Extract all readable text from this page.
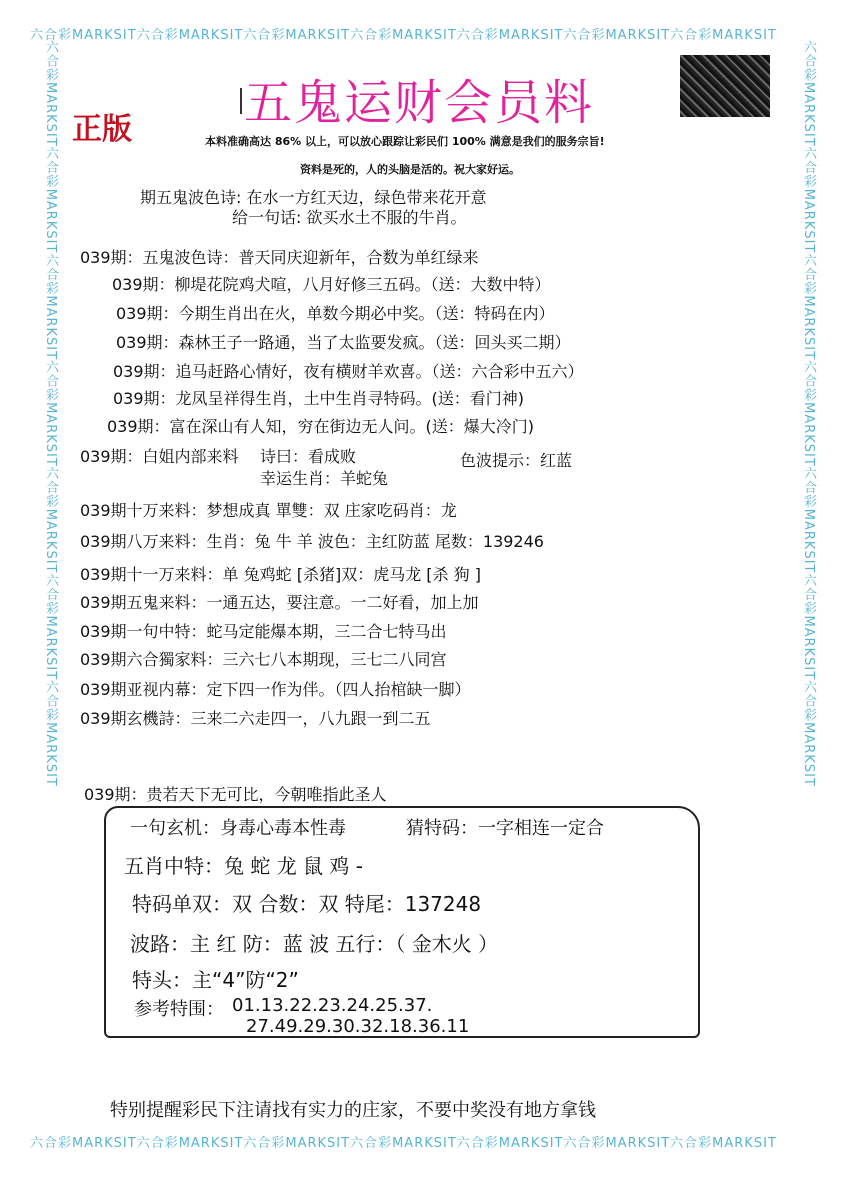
六合彩MARKSIT六合彩MARKSIT六合彩MARKSIT六合彩MARKSIT六合彩MARKSIT六合彩MARKSIT六合彩MARKSIT
六合彩MARKSIT六合彩MARKSIT六合彩MARKSIT六合彩MARKSIT六合彩MARKSIT六合彩MARKSIT六合彩MARKSIT
六合彩MARKSIT六合彩MARKSIT六合彩MARKSIT六合彩MARKSIT六合彩MARKSIT六合彩MARKSIT六合彩MARKSIT	六合彩MARKSIT六合彩MARKSIT六合彩MARKSIT六合彩MARKSIT六合彩MARKSIT六合彩MARKSIT六合彩MARKSIT
正版 五鬼运财会员料
本料准确高达 86% 以上，可以放心跟踪让彩民们 100% 满意是我们的服务宗旨!
资料是死的，人的头脑是活的。祝大家好运。
期五鬼波色诗: 在水一方红天边，绿色带来花开意
给一句话: 欲买水土不服的牛肖。
039期：五鬼波色诗：普天同庆迎新年，合数为单红绿来
039期：柳堤花院鸡犬喧，八月好修三五码。（送：大数中特）
039期：今期生肖出在火，单数今期必中奖。（送：特码在内）
039期：森林王子一路通，当了太监要发疯。（送：回头买二期）
039期：追马赶路心情好，夜有横财羊欢喜。（送：六合彩中五六）
039期：龙凤呈祥得生肖，土中生肖寻特码。(送：看门神)
039期：富在深山有人知，穷在街边无人问。(送：爆大冷门)
039期：白姐内部来料 诗曰：看成败
幸运生肖：羊蛇兔
色波提示：红蓝
039期十万来料：梦想成真 單雙：双 庄家吃码肖：龙
039期八万来料：生肖：兔 牛 羊 波色：主红防蓝 尾数：139246
039期十一万来料：单 兔鸡蛇 [杀猪]双：虎马龙 [杀 狗 ]
039期五鬼来料：一通五达，要注意。一二好看，加上加
039期一句中特：蛇马定能爆本期，三二合七特马出
039期六合獨家料：三六七八本期现，三七二八同宫
039期亚视内幕：定下四一作为伴。（四人抬棺缺一脚）
039期玄機詩：三来二六走四一，八九跟一到二五
039期：贵若天下无可比，今朝唯指此圣人
一句玄机：身毒心毒本性毒	猜特码：一字相连一定合
五肖中特：兔 蛇 龙 鼠 鸡 -
特码单双：双 合数：双 特尾：137248
波路：主 红 防：蓝 波 五行：（ 金木火 ）
特头：主“4”防“2”
参考特围： 01.13.22.23.24.25.37.
27.49.29.30.32.18.36.11
特别提醒彩民下注请找有实力的庄家，不要中奖没有地方拿钱
